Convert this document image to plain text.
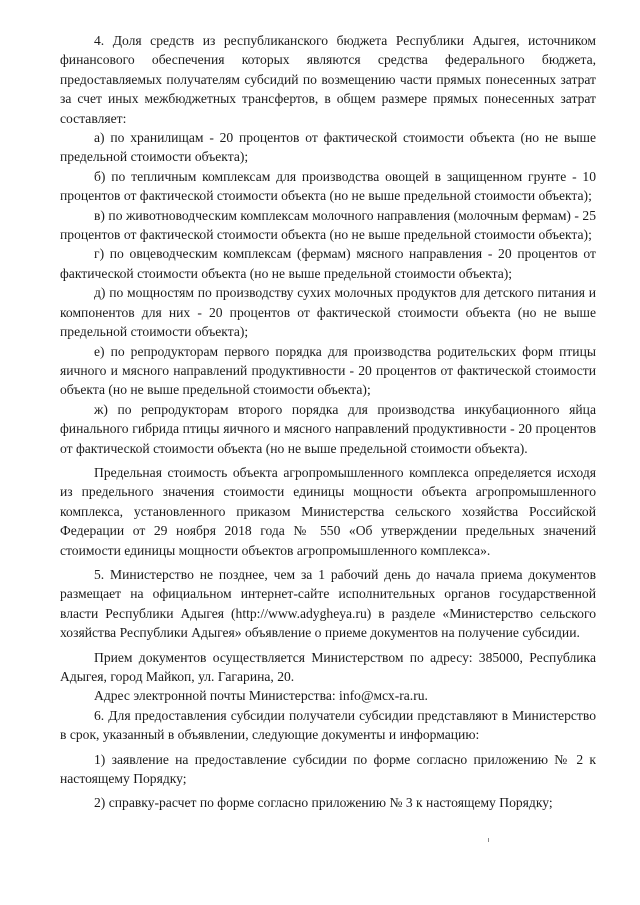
4. Доля средств из республиканского бюджета Республики Адыгея, источником финансового обеспечения которых являются средства федерального бюджета, предоставляемых получателям субсидий по возмещению части прямых понесенных затрат за счет иных межбюджетных трансфертов, в общем размере прямых понесенных затрат составляет:

а) по хранилищам - 20 процентов от фактической стоимости объекта (но не выше предельной стоимости объекта);

б) по тепличным комплексам для производства овощей в защищенном грунте - 10 процентов от фактической стоимости объекта (но не выше предельной стоимости объекта);

в) по животноводческим комплексам молочного направления (молочным фермам) - 25 процентов от фактической стоимости объекта (но не выше предельной стоимости объекта);

г) по овцеводческим комплексам (фермам) мясного направления - 20 процентов от фактической стоимости объекта (но не выше предельной стоимости объекта);

д) по мощностям по производству сухих молочных продуктов для детского питания и компонентов для них - 20 процентов от фактической стоимости объекта (но не выше предельной стоимости объекта);

е) по репродукторам первого порядка для производства родительских форм птицы яичного и мясного направлений продуктивности - 20 процентов от фактической стоимости объекта (но не выше предельной стоимости объекта);

ж) по репродукторам второго порядка для производства инкубационного яйца финального гибрида птицы яичного и мясного направлений продуктивности - 20 процентов от фактической стоимости объекта (но не выше предельной стоимости объекта).

Предельная стоимость объекта агропромышленного комплекса определяется исходя из предельного значения стоимости единицы мощности объекта агропромышленного комплекса, установленного приказом Министерства сельского хозяйства Российской Федерации от 29 ноября 2018 года № 550 «Об утверждении предельных значений стоимости единицы мощности объектов агропромышленного комплекса».

5. Министерство не позднее, чем за 1 рабочий день до начала приема документов размещает на официальном интернет-сайте исполнительных органов государственной власти Республики Адыгея (http://www.adygheya.ru) в разделе «Министерство сельского хозяйства Республики Адыгея» объявление о приеме документов на получение субсидии.

Прием документов осуществляется Министерством по адресу: 385000, Республика Адыгея, город Майкоп, ул. Гагарина, 20.

Адрес электронной почты Министерства: info@мсх-ra.ru.

6. Для предоставления субсидии получатели субсидии представляют в Министерство в срок, указанный в объявлении, следующие документы и информацию:

1) заявление на предоставление субсидии по форме согласно приложению № 2 к настоящему Порядку;

2) справку-расчет по форме согласно приложению № 3 к настоящему Порядку;
